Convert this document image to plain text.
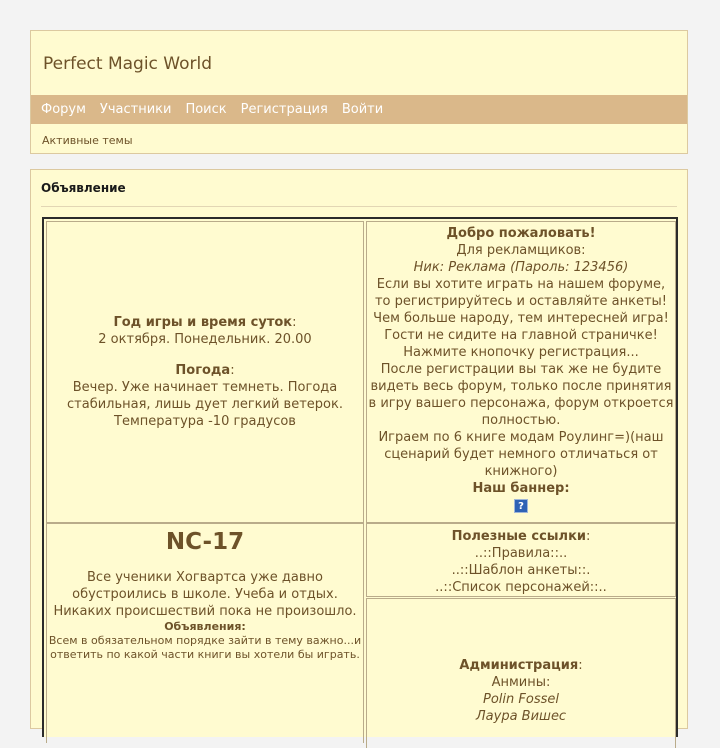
Perfect Magic World
Форум Участники Поиск Регистрация Войти
Активные темы
Объявление
Год игры и время суток:
2 октября. Понедельник. 20.00
Погода:
Вечер. Уже начинает темнеть. Погода
стабильная, лишь дует легкий ветерок.
Температура -10 градусов
Добро пожаловать!
Для рекламщиков:
Ник: Реклама (Пароль: 123456)
Если вы хотите играть на нашем форуме,
то регистрируйтесь и оставляйте анкеты!
Чем больше народу, тем интересней игра!
Гости не сидите на главной страничке!
Нажмите кнопочку регистрация...
После регистрации вы так же не будите
видеть весь форум, только после принятия
в игру вашего персонажа, форум откроется
полностью.
Играем по 6 книге модам Роулинг=)(наш
сценарий будет немного отличаться от
книжного)
Наш баннер:
?
NC-17
Все ученики Хогвартса уже давно
обустроились в школе. Учеба и отдых.
Никаких происшествий пока не произошло.
Объявления:
Всем в обязательном порядке зайти в тему важно...и
ответить по какой части книги вы хотели бы играть.
Полезные ссылки:
..::Правила::..
..::Шаблон анкеты::.
..::Список персонажей::..
Администрация:
Анмины:
Polin Fossel
Лаура Вишес
